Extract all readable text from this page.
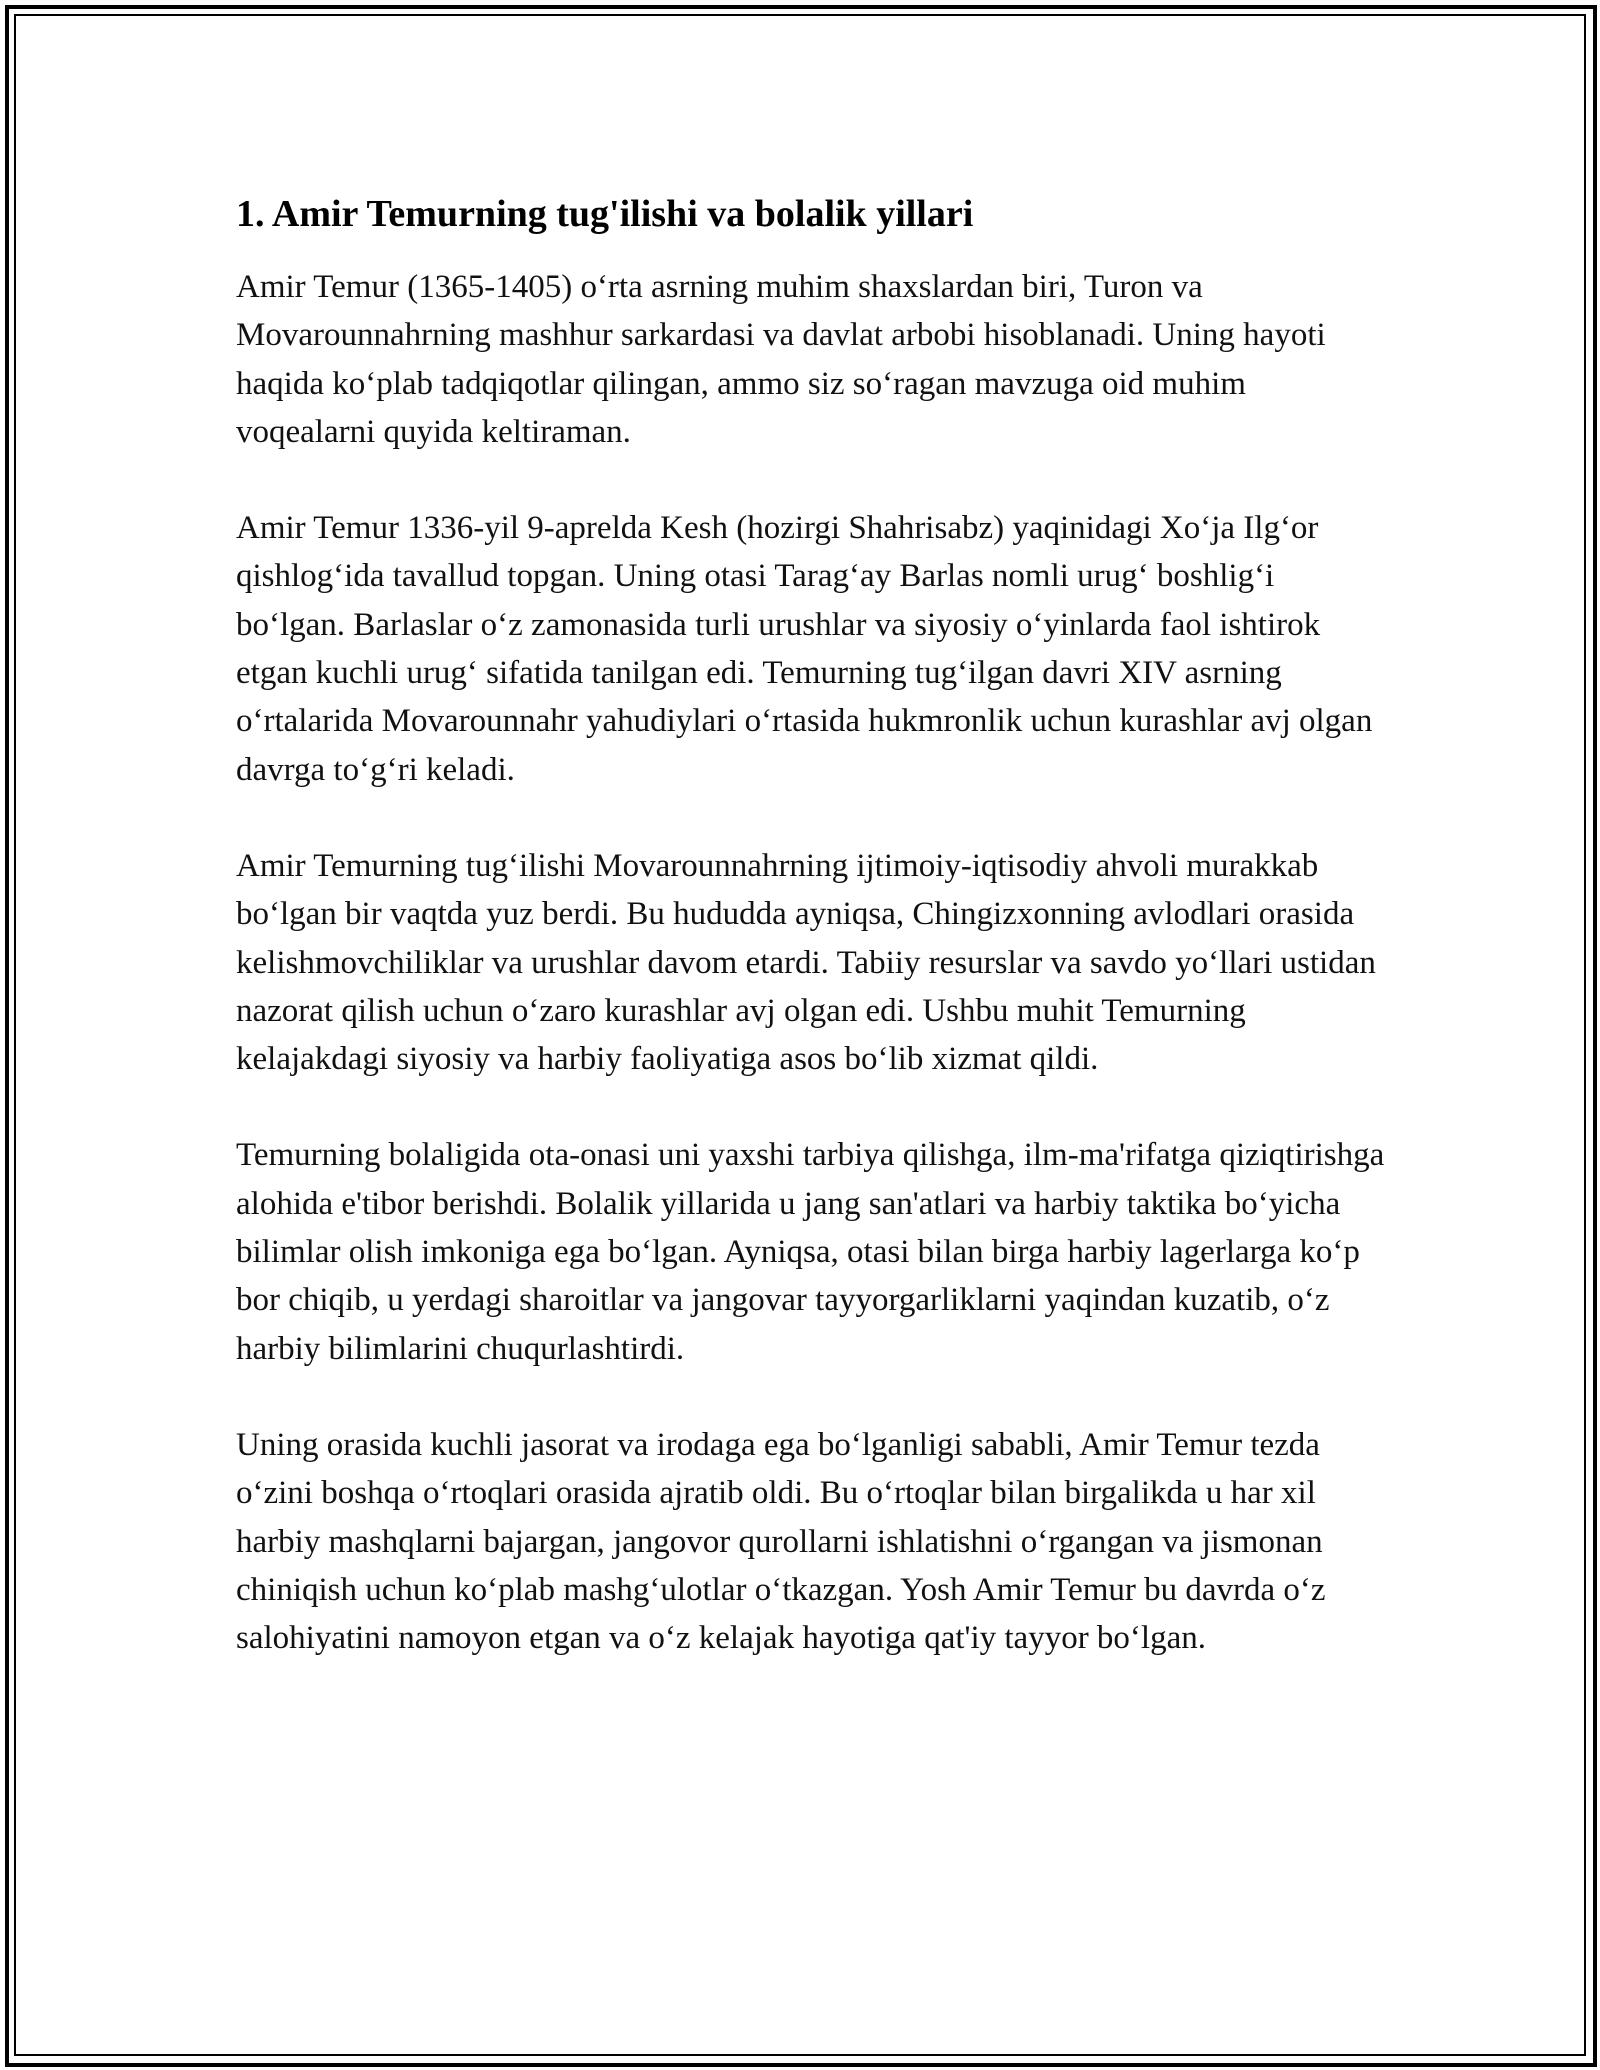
1. Amir Temurning tug'ilishi va bolalik yillari

Amir Temur (1365-1405) o‘rta asrning muhim shaxslardan biri, Turon va Movarounnahrning mashhur sarkardasi va davlat arbobi hisoblanadi. Uning hayoti haqida ko‘plab tadqiqotlar qilingan, ammo siz so‘ragan mavzuga oid muhim voqealarni quyida keltiraman.

Amir Temur 1336-yil 9-aprelda Kesh (hozirgi Shahrisabz) yaqinidagi Xo‘ja Ilg‘or qishlog‘ida tavallud topgan. Uning otasi Tarag‘ay Barlas nomli urug‘ boshlig‘i bo‘lgan. Barlaslar o‘z zamonasida turli urushlar va siyosiy o‘yinlarda faol ishtirok etgan kuchli urug‘ sifatida tanilgan edi. Temurning tug‘ilgan davri XIV asrning o‘rtalarida Movarounnahr yahudiylari o‘rtasida hukmronlik uchun kurashlar avj olgan davrga to‘g‘ri keladi.

Amir Temurning tug‘ilishi Movarounnahrning ijtimoiy-iqtisodiy ahvoli murakkab bo‘lgan bir vaqtda yuz berdi. Bu hududda ayniqsa, Chingizxonning avlodlari orasida kelishmovchiliklar va urushlar davom etardi. Tabiiy resurslar va savdo yo‘llari ustidan nazorat qilish uchun o‘zaro kurashlar avj olgan edi. Ushbu muhit Temurning kelajakdagi siyosiy va harbiy faoliyatiga asos bo‘lib xizmat qildi.

Temurning bolaligida ota-onasi uni yaxshi tarbiya qilishga, ilm-ma'rifatga qiziqtirishga alohida e'tibor berishdi. Bolalik yillarida u jang san'atlari va harbiy taktika bo‘yicha bilimlar olish imkoniga ega bo‘lgan. Ayniqsa, otasi bilan birga harbiy lagerlarga ko‘p bor chiqib, u yerdagi sharoitlar va jangovar tayyorgarliklarni yaqindan kuzatib, o‘z harbiy bilimlarini chuqurlashtirdi.

Uning orasida kuchli jasorat va irodaga ega bo‘lganligi sababli, Amir Temur tezda o‘zini boshqa o‘rtoqlari orasida ajratib oldi. Bu o‘rtoqlar bilan birgalikda u har xil harbiy mashqlarni bajargan, jangovor qurollarni ishlatishni o‘rgangan va jismonan chiniqish uchun ko‘plab mashg‘ulotlar o‘tkazgan. Yosh Amir Temur bu davrda o‘z salohiyatini namoyon etgan va o‘z kelajak hayotiga qat'iy tayyor bo‘lgan.
